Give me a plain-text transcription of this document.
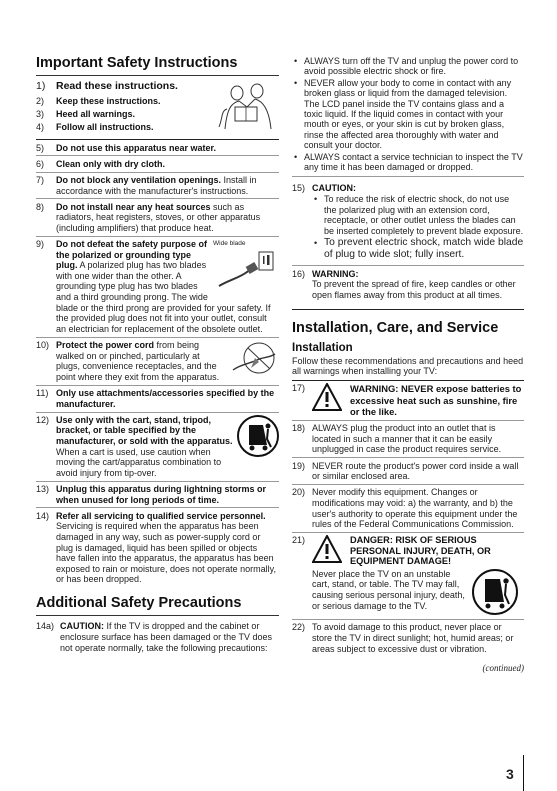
Important Safety Instructions
1)	Read these instructions.
2)	Keep these instructions.
3)	Heed all warnings.
4)	Follow all instructions.
5)	Do not use this apparatus near water.
6)	Clean only with dry cloth.
7)	Do not block any ventilation openings. Install in accordance with the manufacturer's instructions.
8)	Do not install near any heat sources such as radiators, heat registers, stoves, or other apparatus (including amplifiers) that produce heat.
9)	Wide blade
Do not defeat the safety purpose of the polarized or grounding type plug. A polarized plug has two blades with one wider than the other. A grounding type plug has two blades and a third grounding prong. The wide blade or the third prong are provided for your safety. If the provided plug does not fit into your outlet, consult an electrician for replacement of the obsolete outlet.
10) Protect the power cord from being walked on or pinched, particularly at plugs, convenience receptacles, and the point where they exit from the apparatus.
11) Only use attachments/accessories specified by the manufacturer.
12) Use only with the cart, stand, tripod, bracket, or table specified by the manufacturer, or sold with the apparatus. When a cart is used, use caution when moving the cart/apparatus combination to avoid injury from tip-over.
13) Unplug this apparatus during lightning storms or when unused for long periods of time.
14) Refer all servicing to qualified service personnel. Servicing is required when the apparatus has been damaged in any way, such as power-supply cord or plug is damaged, liquid has been spilled or objects have fallen into the apparatus, the apparatus has been exposed to rain or moisture, does not operate normally, or has been dropped.
Additional Safety Precautions
14a) CAUTION: If the TV is dropped and the cabinet or enclosure surface has been damaged or the TV does not operate normally, take the following precautions:
• ALWAYS turn off the TV and unplug the power cord to avoid possible electric shock or fire.
• NEVER allow your body to come in contact with any broken glass or liquid from the damaged television. The LCD panel inside the TV contains glass and a toxic liquid. If the liquid comes in contact with your mouth or eyes, or your skin is cut by broken glass, rinse the affected area thoroughly with water and consult your doctor.
• ALWAYS contact a service technician to inspect the TV any time it has been damaged or dropped.
15) CAUTION:
• To reduce the risk of electric shock, do not use the polarized plug with an extension cord, receptacle, or other outlet unless the blades can be inserted completely to prevent blade exposure.
• To prevent electric shock, match wide blade of plug to wide slot; fully insert.
16) WARNING:
To prevent the spread of fire, keep candles or other open flames away from this product at all times.
Installation, Care, and Service
Installation
Follow these recommendations and precautions and heed all warnings when installing your TV:
17)	WARNING: NEVER expose batteries to excessive heat such as sunshine, fire or the like.
18) ALWAYS plug the product into an outlet that is located in such a manner that it can be easily unplugged in case the product requires service.
19) NEVER route the product's power cord inside a wall or similar enclosed area.
20) Never modify this equipment. Changes or modifications may void: a) the warranty, and b) the user's authority to operate this equipment under the rules of the Federal Communications Commission.
21)	DANGER: RISK OF SERIOUS PERSONAL INJURY, DEATH, OR EQUIPMENT DAMAGE!
Never place the TV on an unstable cart, stand, or table. The TV may fall, causing serious personal injury, death, or serious damage to the TV.
22) To avoid damage to this product, never place or store the TV in direct sunlight; hot, humid areas; or areas subject to excessive dust or vibration.
(continued)
3
